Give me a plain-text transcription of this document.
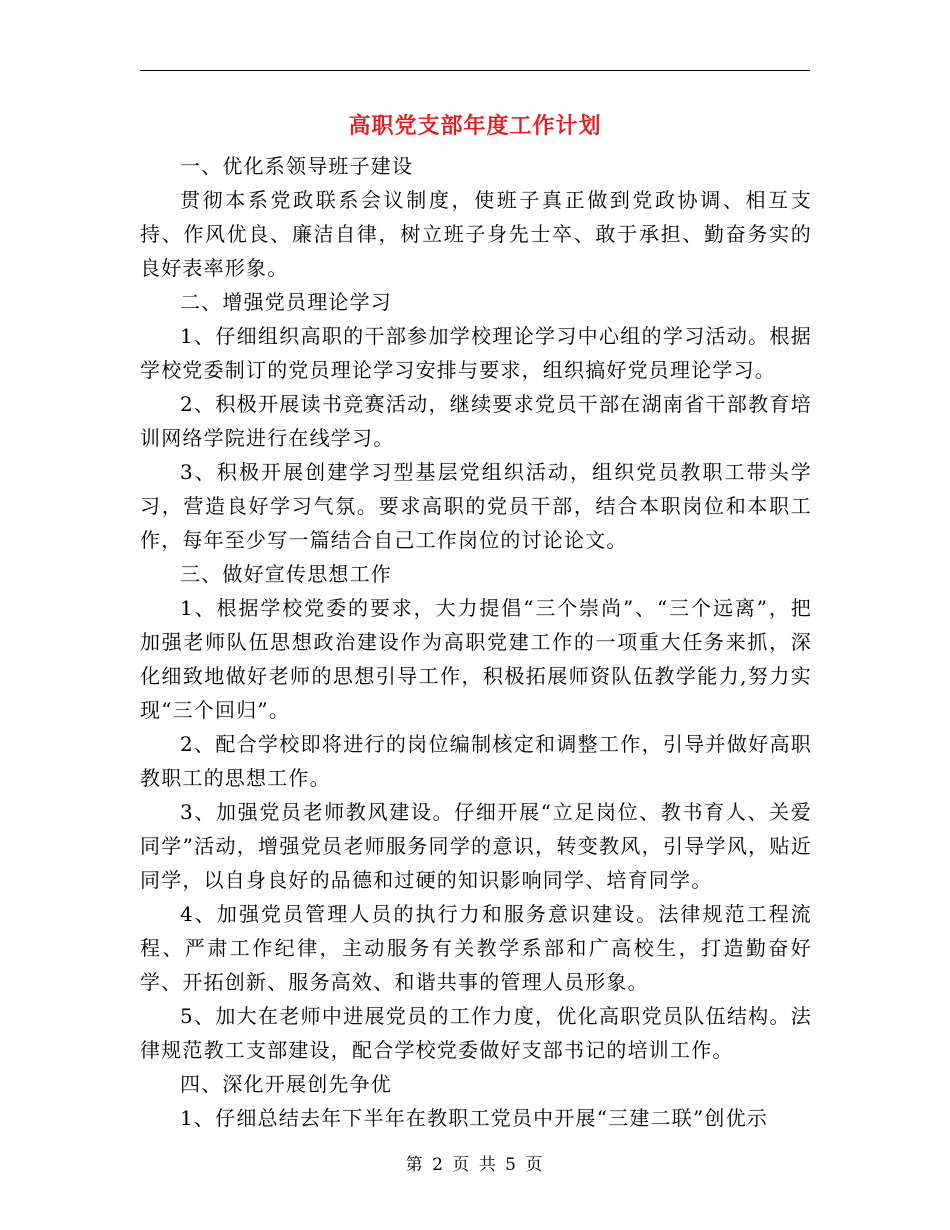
高职党支部年度工作计划

一、优化系领导班子建设

贯彻本系党政联系会议制度，使班子真正做到党政协调、相互支持、作风优良、廉洁自律，树立班子身先士卒、敢于承担、勤奋务实的良好表率形象。

二、增强党员理论学习

1、仔细组织高职的干部参加学校理论学习中心组的学习活动。根据学校党委制订的党员理论学习安排与要求，组织搞好党员理论学习。

2、积极开展读书竞赛活动，继续要求党员干部在湖南省干部教育培训网络学院进行在线学习。

3、积极开展创建学习型基层党组织活动，组织党员教职工带头学习，营造良好学习气氛。要求高职的党员干部，结合本职岗位和本职工作，每年至少写一篇结合自己工作岗位的讨论论文。

三、做好宣传思想工作

1、根据学校党委的要求，大力提倡“三个崇尚”、“三个远离”，把加强老师队伍思想政治建设作为高职党建工作的一项重大任务来抓，深化细致地做好老师的思想引导工作，积极拓展师资队伍教学能力,努力实现“三个回归”。

2、配合学校即将进行的岗位编制核定和调整工作，引导并做好高职教职工的思想工作。

3、加强党员老师教风建设。仔细开展“立足岗位、教书育人、关爱同学”活动，增强党员老师服务同学的意识，转变教风，引导学风，贴近同学，以自身良好的品德和过硬的知识影响同学、培育同学。

4、加强党员管理人员的执行力和服务意识建设。法律规范工程流程、严肃工作纪律，主动服务有关教学系部和广高校生，打造勤奋好学、开拓创新、服务高效、和谐共事的管理人员形象。

5、加大在老师中进展党员的工作力度，优化高职党员队伍结构。法律规范教工支部建设，配合学校党委做好支部书记的培训工作。

四、深化开展创先争优

1、仔细总结去年下半年在教职工党员中开展“三建二联”创优示

第 2 页 共 5 页
